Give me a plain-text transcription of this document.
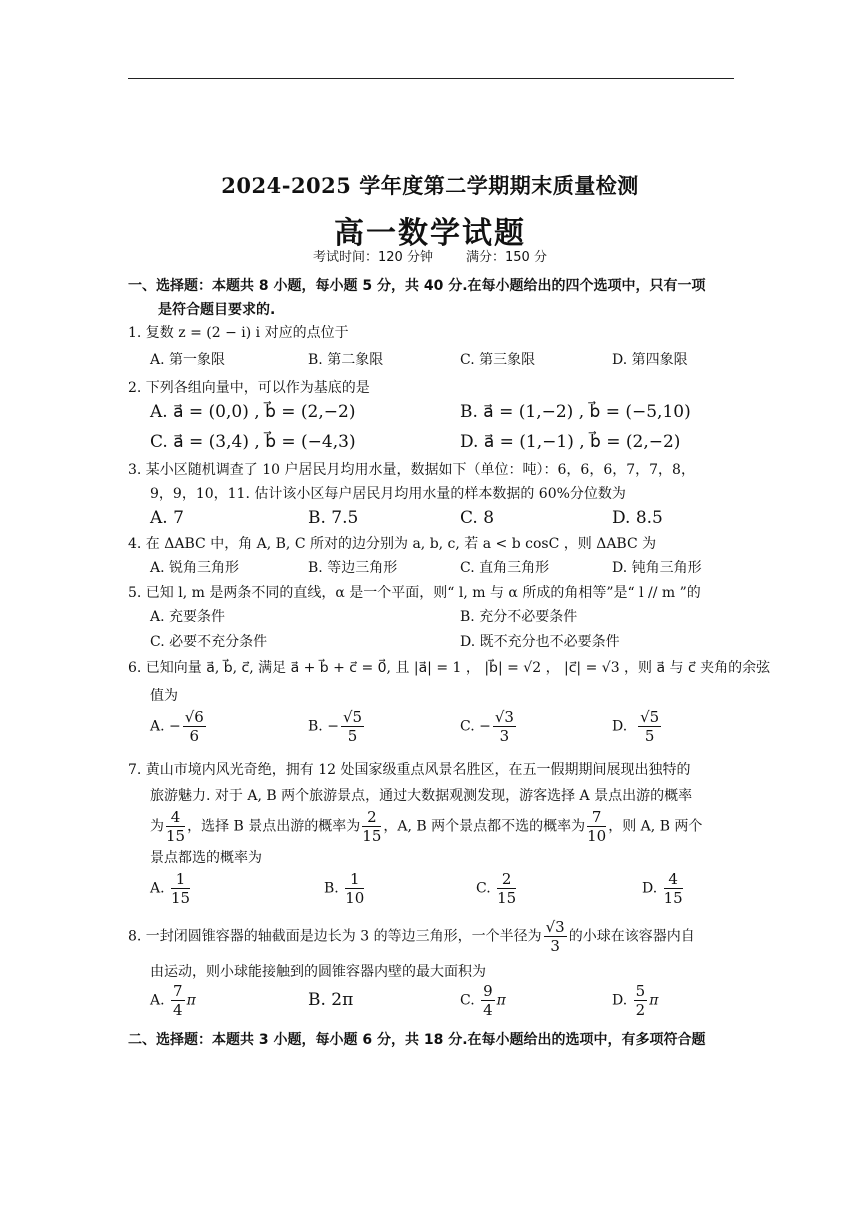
2024-2025 学年度第二学期期末质量检测
高一数学试题
考试时间：120 分钟        满分：150 分
一、选择题：本题共 8 小题，每小题 5 分，共 40 分.在每小题给出的四个选项中，只有一项
是符合题目要求的.
1. 复数 z = (2 − i) i 对应的点位于
A. 第一象限	B. 第二象限	C. 第三象限	D. 第四象限
2. 下列各组向量中，可以作为基底的是
A. a⃗ = (0,0) , b⃗ = (2,−2)	B. a⃗ = (1,−2) , b⃗ = (−5,10)
C. a⃗ = (3,4) , b⃗ = (−4,3)	D. a⃗ = (1,−1) , b⃗ = (2,−2)
3. 某小区随机调查了 10 户居民月均用水量，数据如下（单位：吨）：6，6，6，7，7，8，
9，9，10，11. 估计该小区每户居民月均用水量的样本数据的 60%分位数为
A. 7	B. 7.5	C. 8	D. 8.5
4. 在 ΔABC 中，角 A, B, C 所对的边分别为 a, b, c, 若 a < b cosC ，则 ΔABC 为
A. 锐角三角形	B. 等边三角形	C. 直角三角形	D. 钝角三角形
5. 已知 l, m 是两条不同的直线，α 是一个平面，则“ l, m 与 α 所成的角相等”是“ l // m ”的
A. 充要条件	B. 充分不必要条件
C. 必要不充分条件	D. 既不充分也不必要条件
6. 已知向量 a⃗, b⃗, c⃗, 满足 a⃗ + b⃗ + c⃗ = 0⃗, 且 |a⃗| = 1 ， |b⃗| = √2 ， |c⃗| = √3 ，则 a⃗ 与 c⃗ 夹角的余弦
值为
A. − $\frac{√6}{6}$	B. − $\frac{√5}{5}$	C. − $\frac{√3}{3}$	D. $\frac{√5}{5}$
7. 黄山市境内风光奇绝，拥有 12 处国家级重点风景名胜区，在五一假期期间展现出独特的
旅游魅力. 对于 A, B 两个旅游景点，通过大数据观测发现，游客选择 A 景点出游的概率
为 $\frac{4}{15}$ ，选择 B 景点出游的概率为 $\frac{2}{15}$ ，A, B 两个景点都不选的概率为 $\frac{7}{10}$ ，则 A, B 两个
景点都选的概率为
A. $\frac{1}{15}$	B. $\frac{1}{10}$	C. $\frac{2}{15}$	D. $\frac{4}{15}$
8. 一封闭圆锥容器的轴截面是边长为 3 的等边三角形，一个半径为 $\frac{√3}{3}$ 的小球在该容器内自
由运动，则小球能接触到的圆锥容器内壁的最大面积为
A. $\frac{7}{4}$ π	B. 2π	C. $\frac{9}{4}$ π	D. $\frac{5}{2}$ π
二、选择题：本题共 3 小题，每小题 6 分，共 18 分.在每小题给出的选项中，有多项符合题
